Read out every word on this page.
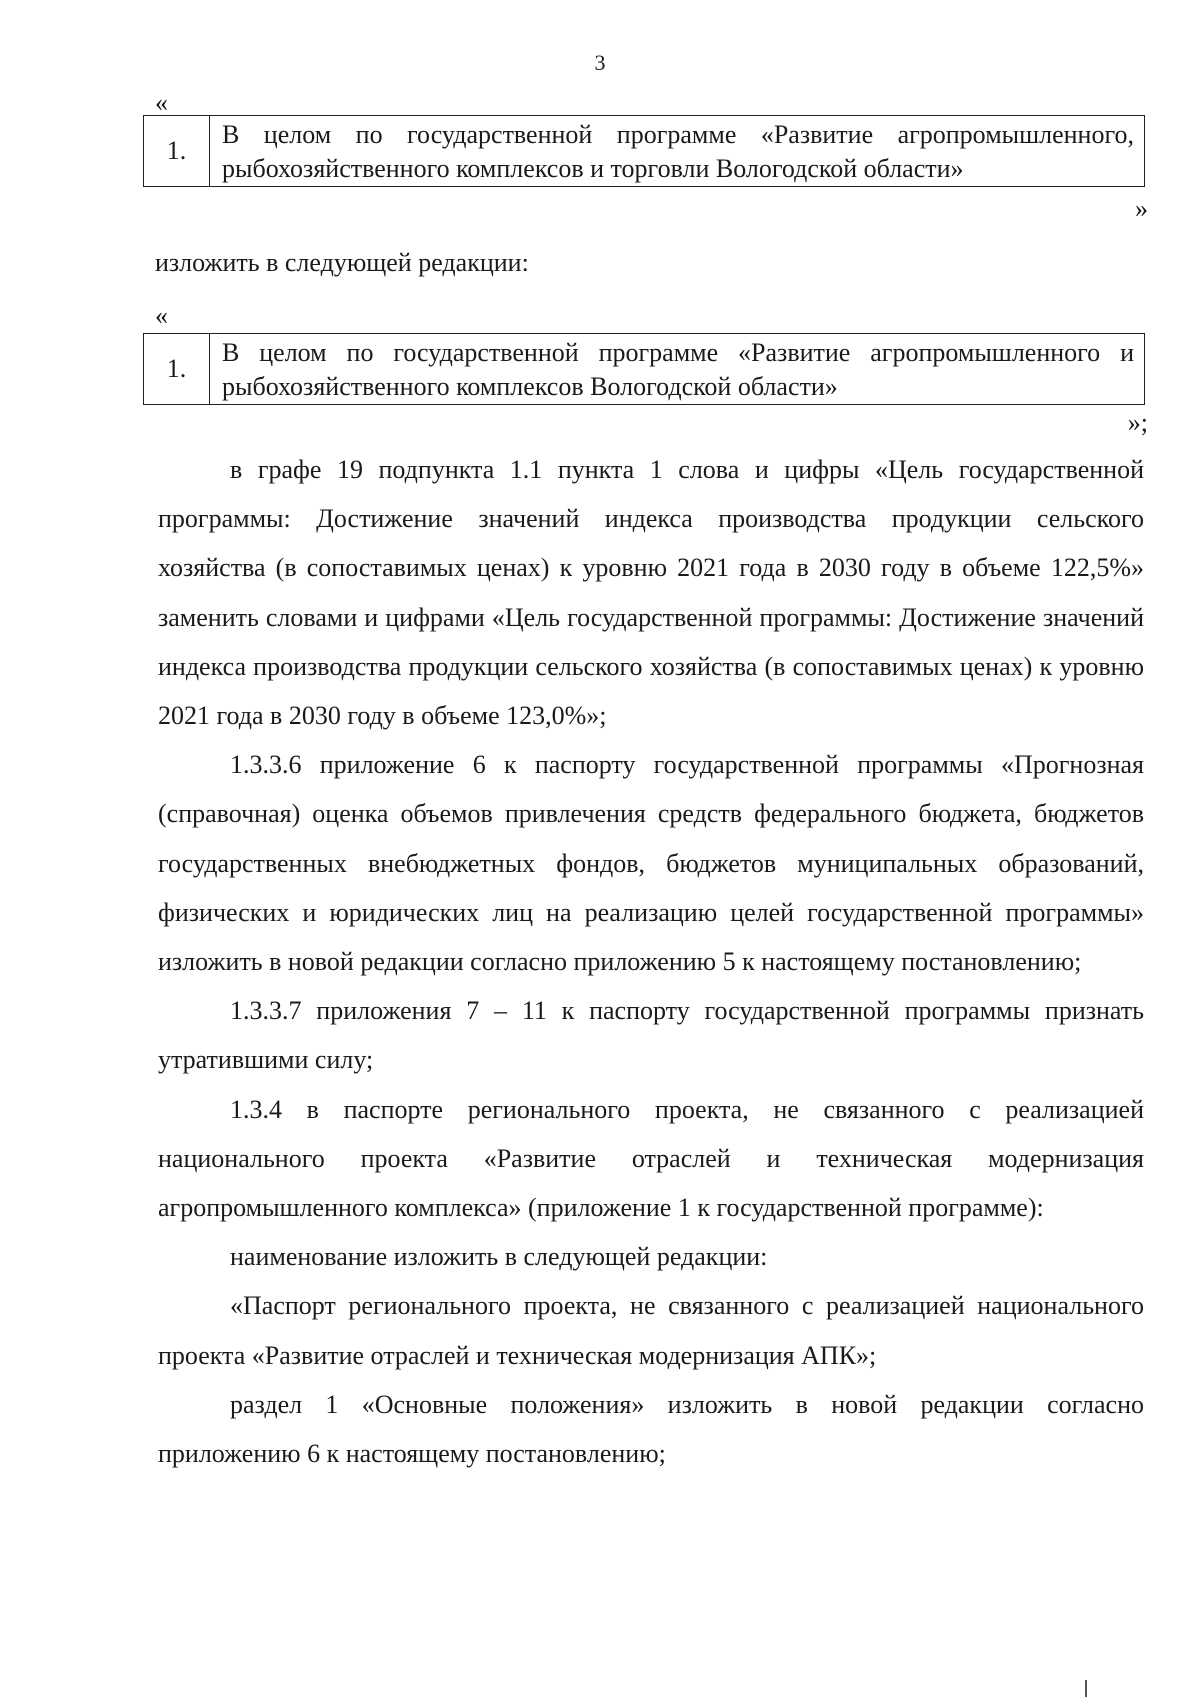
3
«
1.
В целом по государственной программе «Развитие агропромышленного, рыбохозяйственного комплексов и торговли Вологодской области»
»
изложить в следующей редакции:
«
1.
В целом по государственной программе «Развитие агропромышленного и рыбохозяйственного комплексов Вологодской области»
»;

в графе 19 подпункта 1.1 пункта 1 слова и цифры «Цель государственной программы: Достижение значений индекса производства продукции сельского хозяйства (в сопоставимых ценах) к уровню 2021 года в 2030 году в объеме 122,5%» заменить словами и цифрами «Цель государственной программы: Достижение значений индекса производства продукции сельского хозяйства (в сопоставимых ценах) к уровню 2021 года в 2030 году в объеме 123,0%»;

1.3.3.6 приложение 6 к паспорту государственной программы «Прогнозная (справочная) оценка объемов привлечения средств федерального бюджета, бюджетов государственных внебюджетных фондов, бюджетов муниципальных образований, физических и юридических лиц на реализацию целей государственной программы» изложить в новой редакции согласно приложению 5 к настоящему постановлению;

1.3.3.7 приложения 7 – 11 к паспорту государственной программы признать утратившими силу;

1.3.4 в паспорте регионального проекта, не связанного с реализацией национального проекта «Развитие отраслей и техническая модернизация агропромышленного комплекса» (приложение 1 к государственной программе):

наименование изложить в следующей редакции:

«Паспорт регионального проекта, не связанного с реализацией национального проекта «Развитие отраслей и техническая модернизация АПК»;

раздел 1 «Основные положения» изложить в новой редакции согласно приложению 6 к настоящему постановлению;
